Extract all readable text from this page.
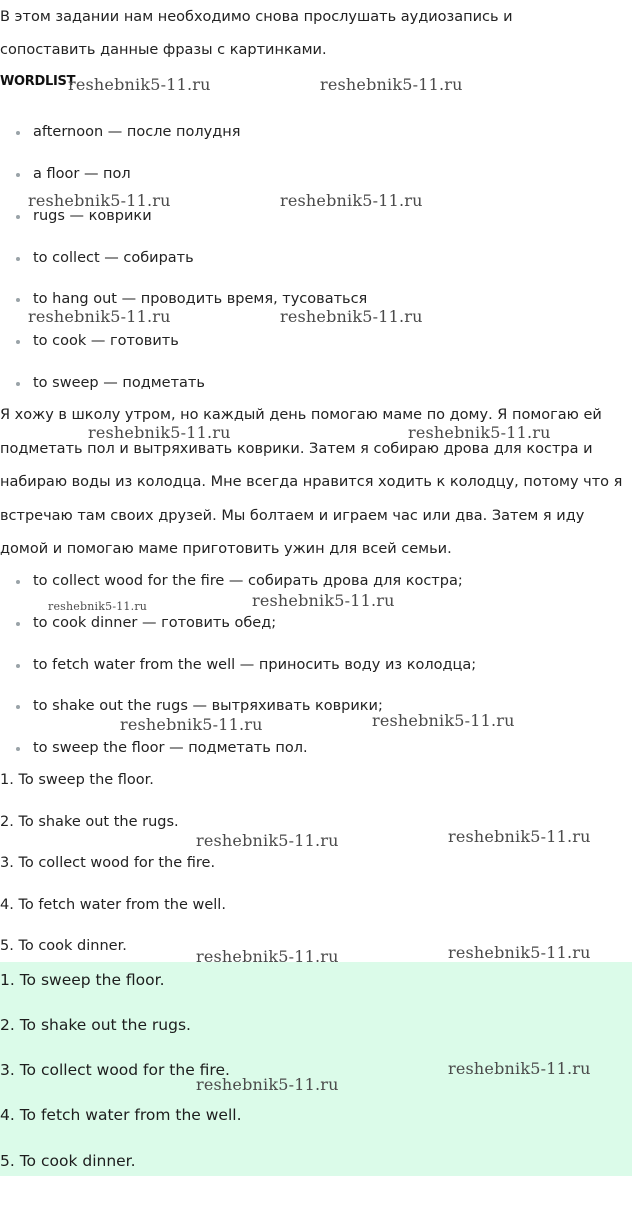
В этом задании нам необходимо снова прослушать аудиозапись и
сопоставить данные фразы с картинками.
WORDLIST
afternoon — после полудня
a floor — пол
rugs — коврики
to collect — собирать
to hang out — проводить время, тусоваться
to cook — готовить
to sweep — подметать
Я хожу в школу утром, но каждый день помогаю маме по дому. Я помогаю ей
подметать пол и вытряхивать коврики. Затем я собираю дрова для костра и
набираю воды из колодца. Мне всегда нравится ходить к колодцу, потому что я
встречаю там своих друзей. Мы болтаем и играем час или два. Затем я иду
домой и помогаю маме приготовить ужин для всей семьи.
to collect wood for the fire — собирать дрова для костра;
to cook dinner — готовить обед;
to fetch water from the well — приносить воду из колодца;
to shake out the rugs — вытряхивать коврики;
to sweep the floor — подметать пол.
1. To sweep the floor.
2. To shake out the rugs.
3. To collect wood for the fire.
4. To fetch water from the well.
5. To cook dinner.
1. To sweep the floor.
2. To shake out the rugs.
3. To collect wood for the fire.
4. To fetch water from the well.
5. To cook dinner.
reshebnik5-11.ru	reshebnik5-11.ru
reshebnik5-11.ru	reshebnik5-11.ru
reshebnik5-11.ru	reshebnik5-11.ru
reshebnik5-11.ru	reshebnik5-11.ru
reshebnik5-11.ru	reshebnik5-11.ru
reshebnik5-11.ru	reshebnik5-11.ru
reshebnik5-11.ru	reshebnik5-11.ru
reshebnik5-11.ru	reshebnik5-11.ru
reshebnik5-11.ru
reshebnik5-11.ru
